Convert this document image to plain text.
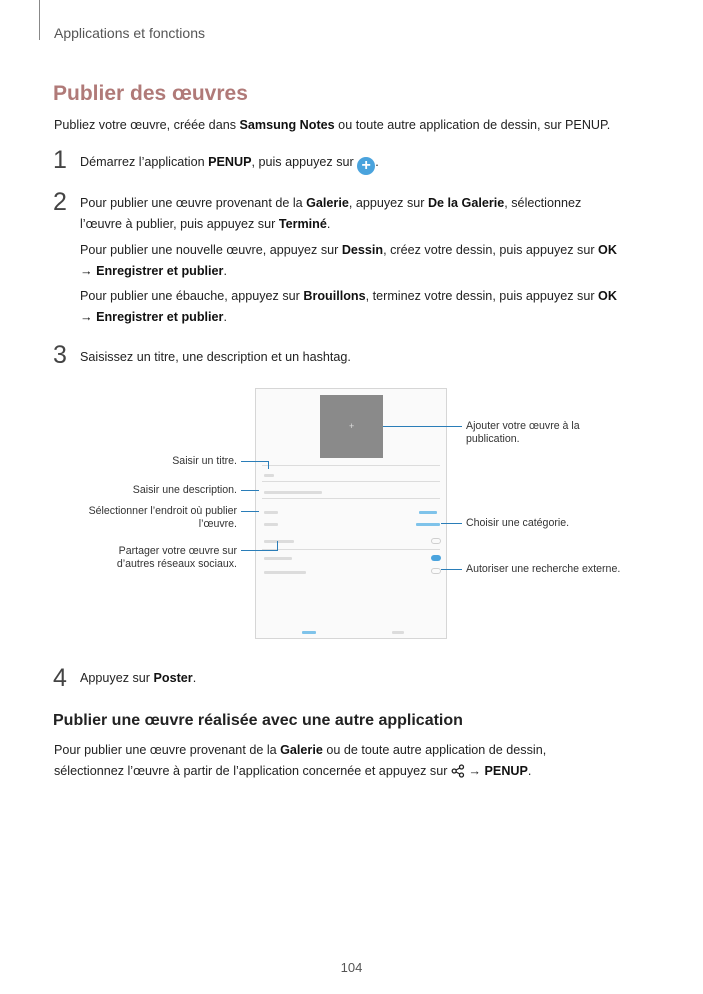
Applications et fonctions
Publier des œuvres
Publiez votre œuvre, créée dans Samsung Notes ou toute autre application de dessin, sur PENUP.
1 Démarrez l’application PENUP, puis appuyez sur + .
2 Pour publier une œuvre provenant de la Galerie, appuyez sur De la Galerie, sélectionnez
l’œuvre à publier, puis appuyez sur Terminé.
Pour publier une nouvelle œuvre, appuyez sur Dessin, créez votre dessin, puis appuyez sur OK
→ Enregistrer et publier.
Pour publier une ébauche, appuyez sur Brouillons, terminez votre dessin, puis appuyez sur OK
→ Enregistrer et publier.
3 Saisissez un titre, une description et un hashtag.
+	Ajouter votre œuvre à la publication.
Saisir un titre.
Saisir une description.
Sélectionner l’endroit où publier l’œuvre.
Partager votre œuvre sur d’autres réseaux sociaux.
Choisir une catégorie.
Autoriser une recherche externe.
4 Appuyez sur Poster.
Publier une œuvre réalisée avec une autre application
Pour publier une œuvre provenant de la Galerie ou de toute autre application de dessin,
sélectionnez l’œuvre à partir de l’application concernée et appuyez sur  → PENUP.
104
